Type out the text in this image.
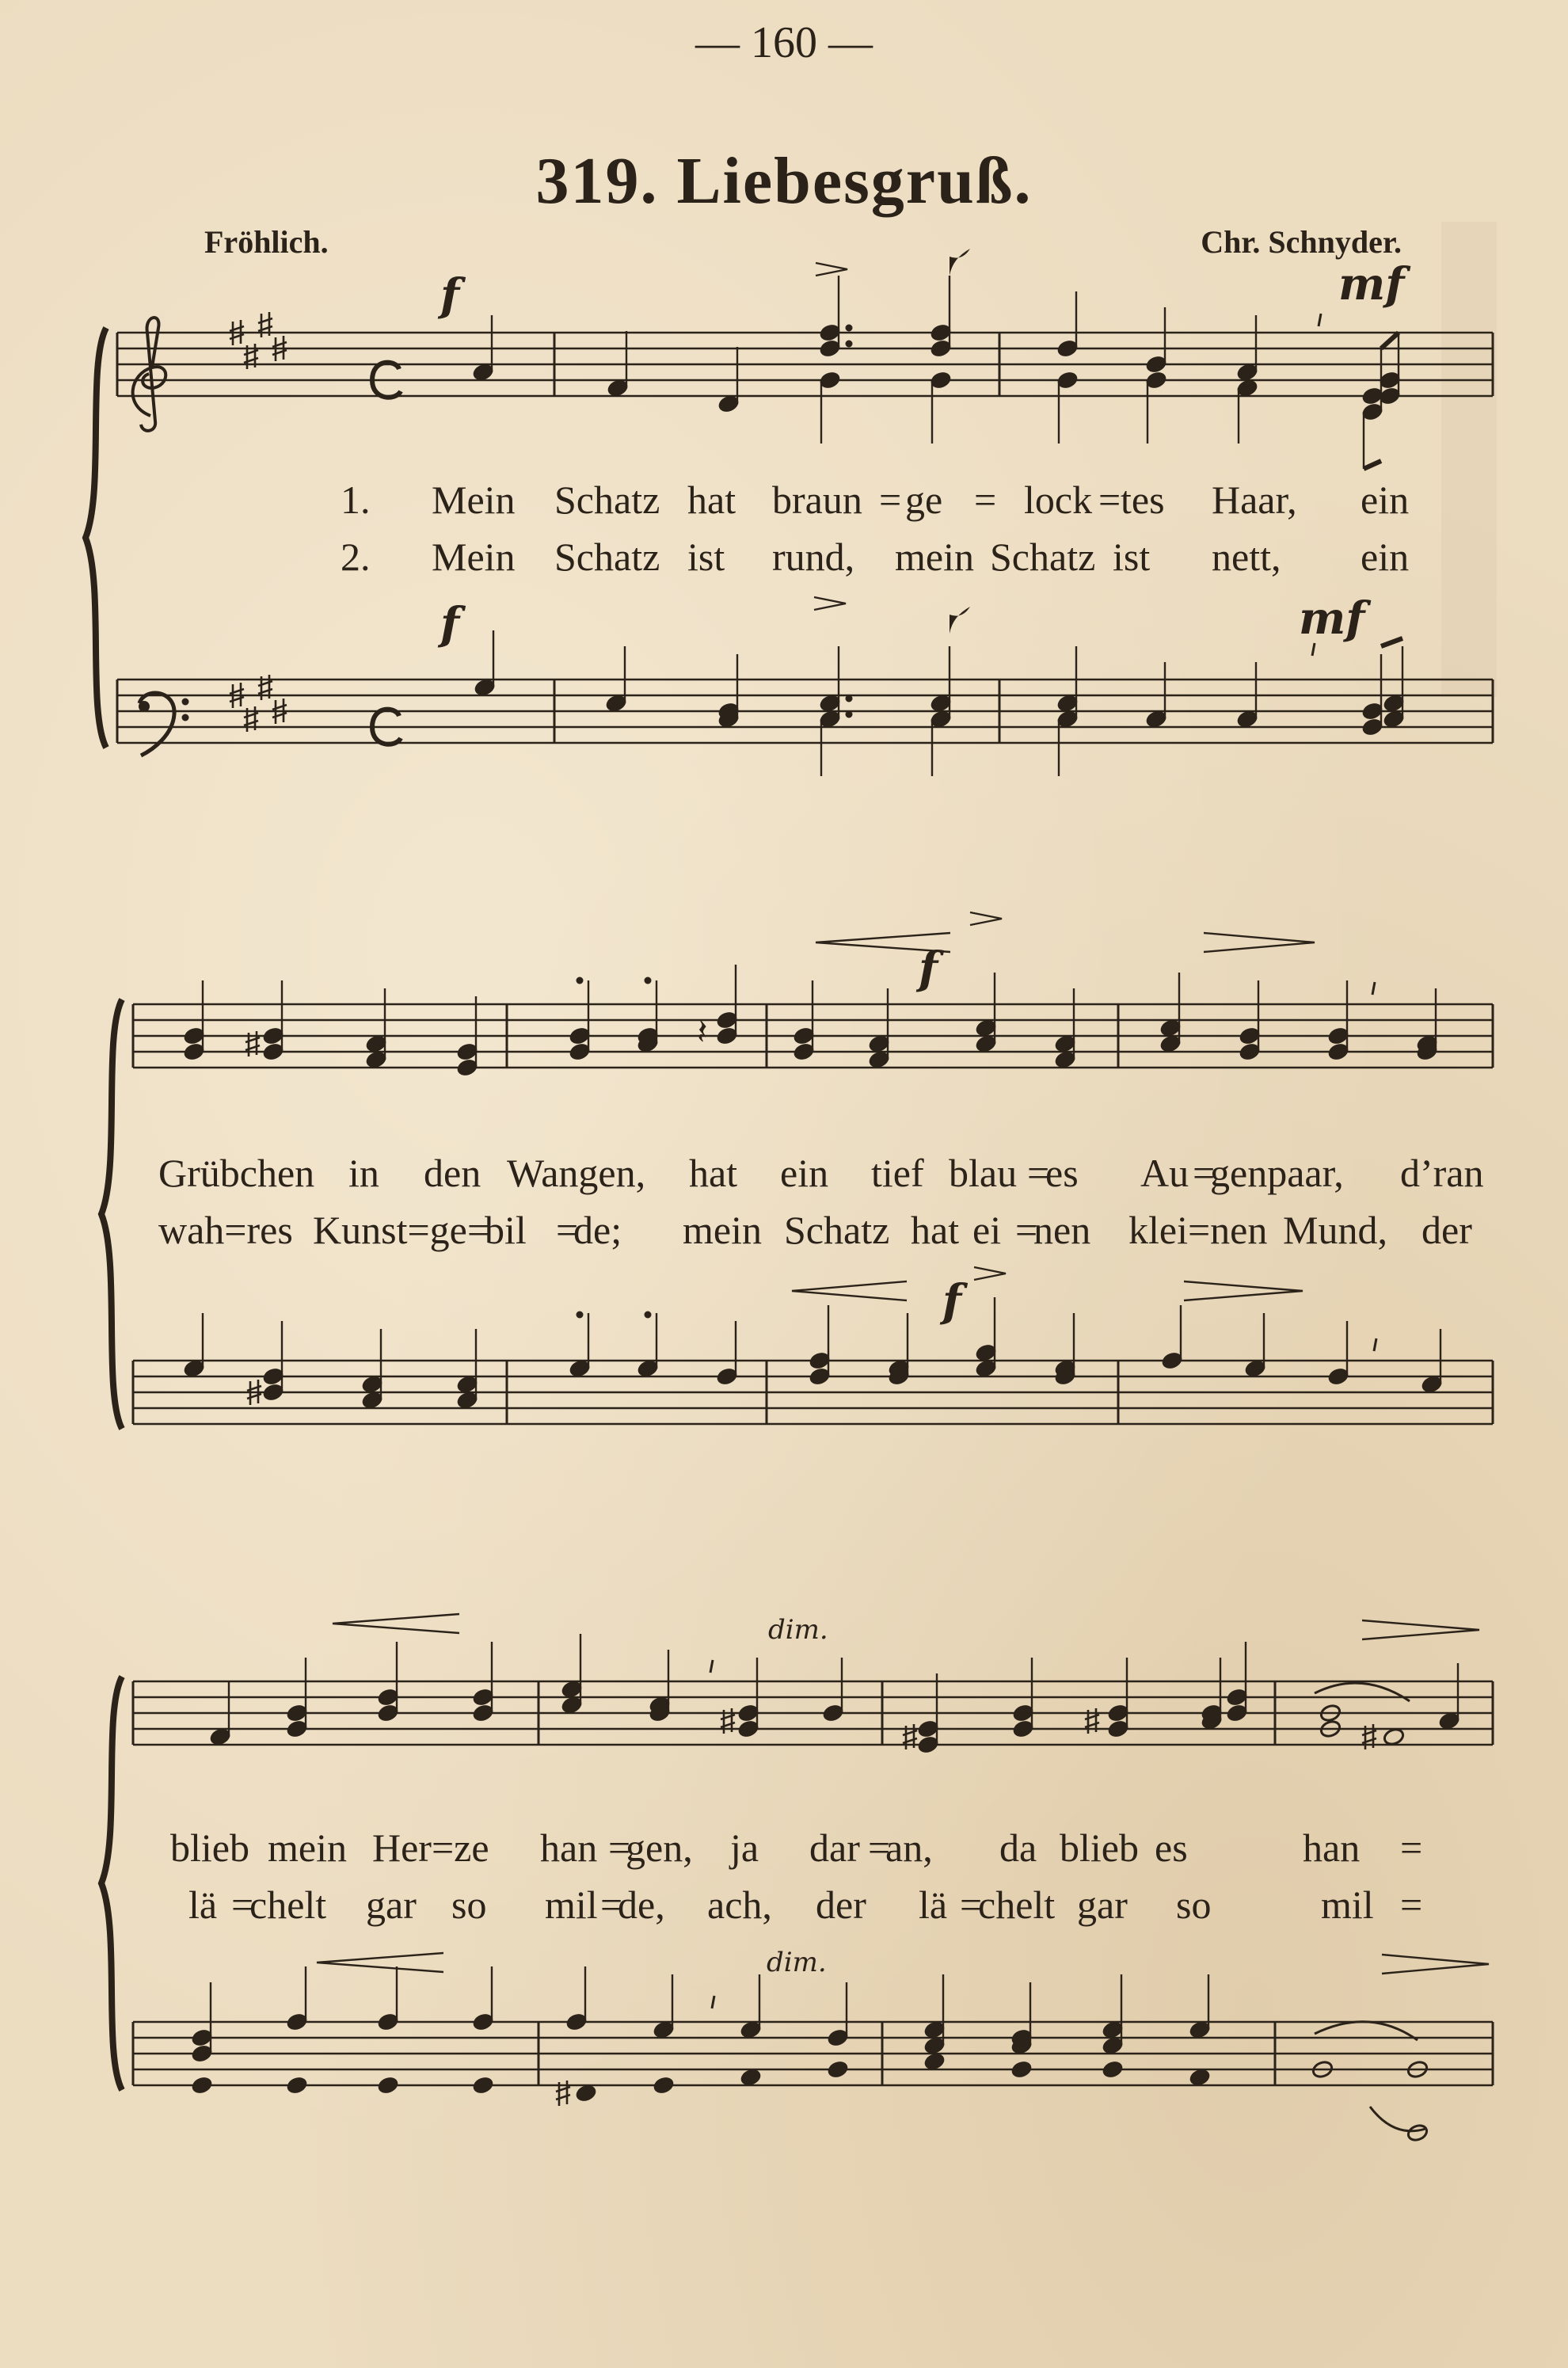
— 160 —
319. Liebesgruß.
Fröhlich.	Chr. Schnyder.
𝄽
f	mf
1. Mein Schatz hat braun = ge = lock = tes Haar, ein
2. Mein Schatz ist rund, mein Schatz ist nett, ein
f	mf
f
Grübchen in den Wangen, hat ein tief blau =
es Au =
genpaar, d’ran
wah=res Kunst=ge =
bil =
de; mein Schatz hat ei =
nen klei=nen Mund, der
f
dim.
blieb mein Her=ze han =
gen, ja dar =
an, da blieb es	han =
lä =
chelt gar so mil =
de, ach, der lä =
chelt gar so	mil =
dim.
